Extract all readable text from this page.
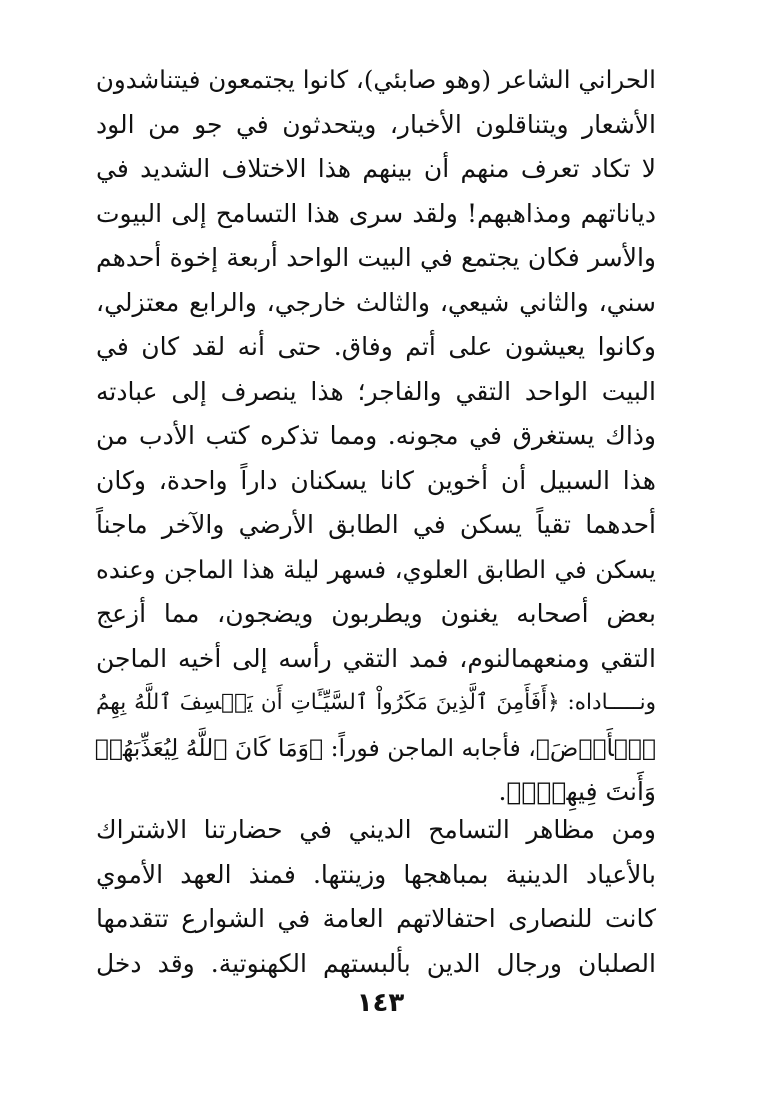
الحراني الشاعر (وهو صابئي)، كانوا يجتمعون فيتناشدون
الأشعار ويتناقلون الأخبار، ويتحدثون في جو من الود
لا تكاد تعرف منهم أن بينهم هذا الاختلاف الشديد في
دياناتهم ومذاهبهم! ولقد سرى هذا التسامح إلى البيوت
والأسر فكان يجتمع في البيت الواحد أربعة إخوة أحدهم
سني، والثاني شيعي، والثالث خارجي، والرابع معتزلي،
وكانوا يعيشون على أتم وفاق. حتى أنه لقد كان في
البيت الواحد التقي والفاجر؛ هذا ينصرف إلى عبادته
وذاك يستغرق في مجونه. ومما تذكره كتب الأدب من
هذا السبيل أن أخوين كانا يسكنان داراً واحدة، وكان
أحدهما تقياً يسكن في الطابق الأرضي والآخر ماجناً
يسكن في الطابق العلوي، فسهر ليلة هذا الماجن وعنده
بعض أصحابه يغنون ويطربون ويضجون، مما أزعج
التقي ومنعهمالنوم، فمد التقي رأسه إلى أخيه الماجن
ونـــــاداه: ﴿أَفَأَمِنَ ٱلَّذِينَ مَكَرُواْ ٱلسَّيِّـَٔاتِ أَن يَخۡسِفَ ٱللَّهُ بِهِمُ
ٱلۡأَرۡضَ﴾، فأجابه الماجن فوراً: ﴿وَمَا كَانَ ٱللَّهُ لِيُعَذِّبَهُمۡ
وَأَنتَ فِيهِمۡۚ﴾.
ومن مظاهر التسامح الديني في حضارتنا الاشتراك
بالأعياد الدينية بمباهجها وزينتها. فمنذ العهد الأموي
كانت للنصارى احتفالاتهم العامة في الشوارع تتقدمها
الصلبان ورجال الدين بألبستهم الكهنوتية. وقد دخل
١٤٣
